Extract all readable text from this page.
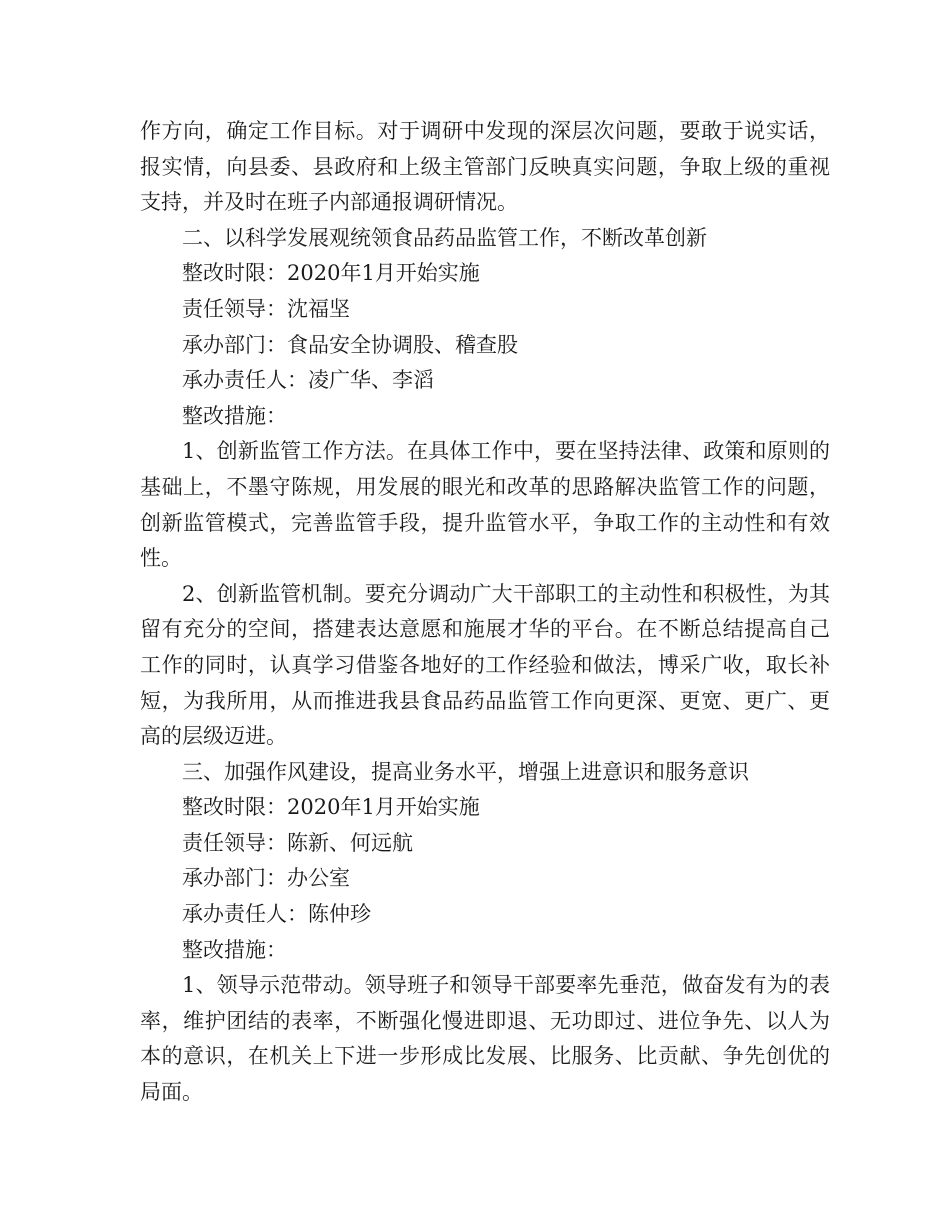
作方向，确定工作目标。对于调研中发现的深层次问题，要敢于说实话，报实情，向县委、县政府和上级主管部门反映真实问题，争取上级的重视支持，并及时在班子内部通报调研情况。

二、以科学发展观统领食品药品监管工作，不断改革创新

整改时限：2020年1月开始实施

责任领导：沈福坚

承办部门：食品安全协调股、稽查股

承办责任人：凌广华、李滔

整改措施：

1、创新监管工作方法。在具体工作中，要在坚持法律、政策和原则的基础上，不墨守陈规，用发展的眼光和改革的思路解决监管工作的问题，创新监管模式，完善监管手段，提升监管水平，争取工作的主动性和有效性。

2、创新监管机制。要充分调动广大干部职工的主动性和积极性，为其留有充分的空间，搭建表达意愿和施展才华的平台。在不断总结提高自己工作的同时，认真学习借鉴各地好的工作经验和做法，博采广收，取长补短，为我所用，从而推进我县食品药品监管工作向更深、更宽、更广、更高的层级迈进。

三、加强作风建设，提高业务水平，增强上进意识和服务意识

整改时限：2020年1月开始实施

责任领导：陈新、何远航

承办部门：办公室

承办责任人：陈仲珍

整改措施：

1、领导示范带动。领导班子和领导干部要率先垂范，做奋发有为的表率，维护团结的表率，不断强化慢进即退、无功即过、进位争先、以人为本的意识，在机关上下进一步形成比发展、比服务、比贡献、争先创优的局面。
